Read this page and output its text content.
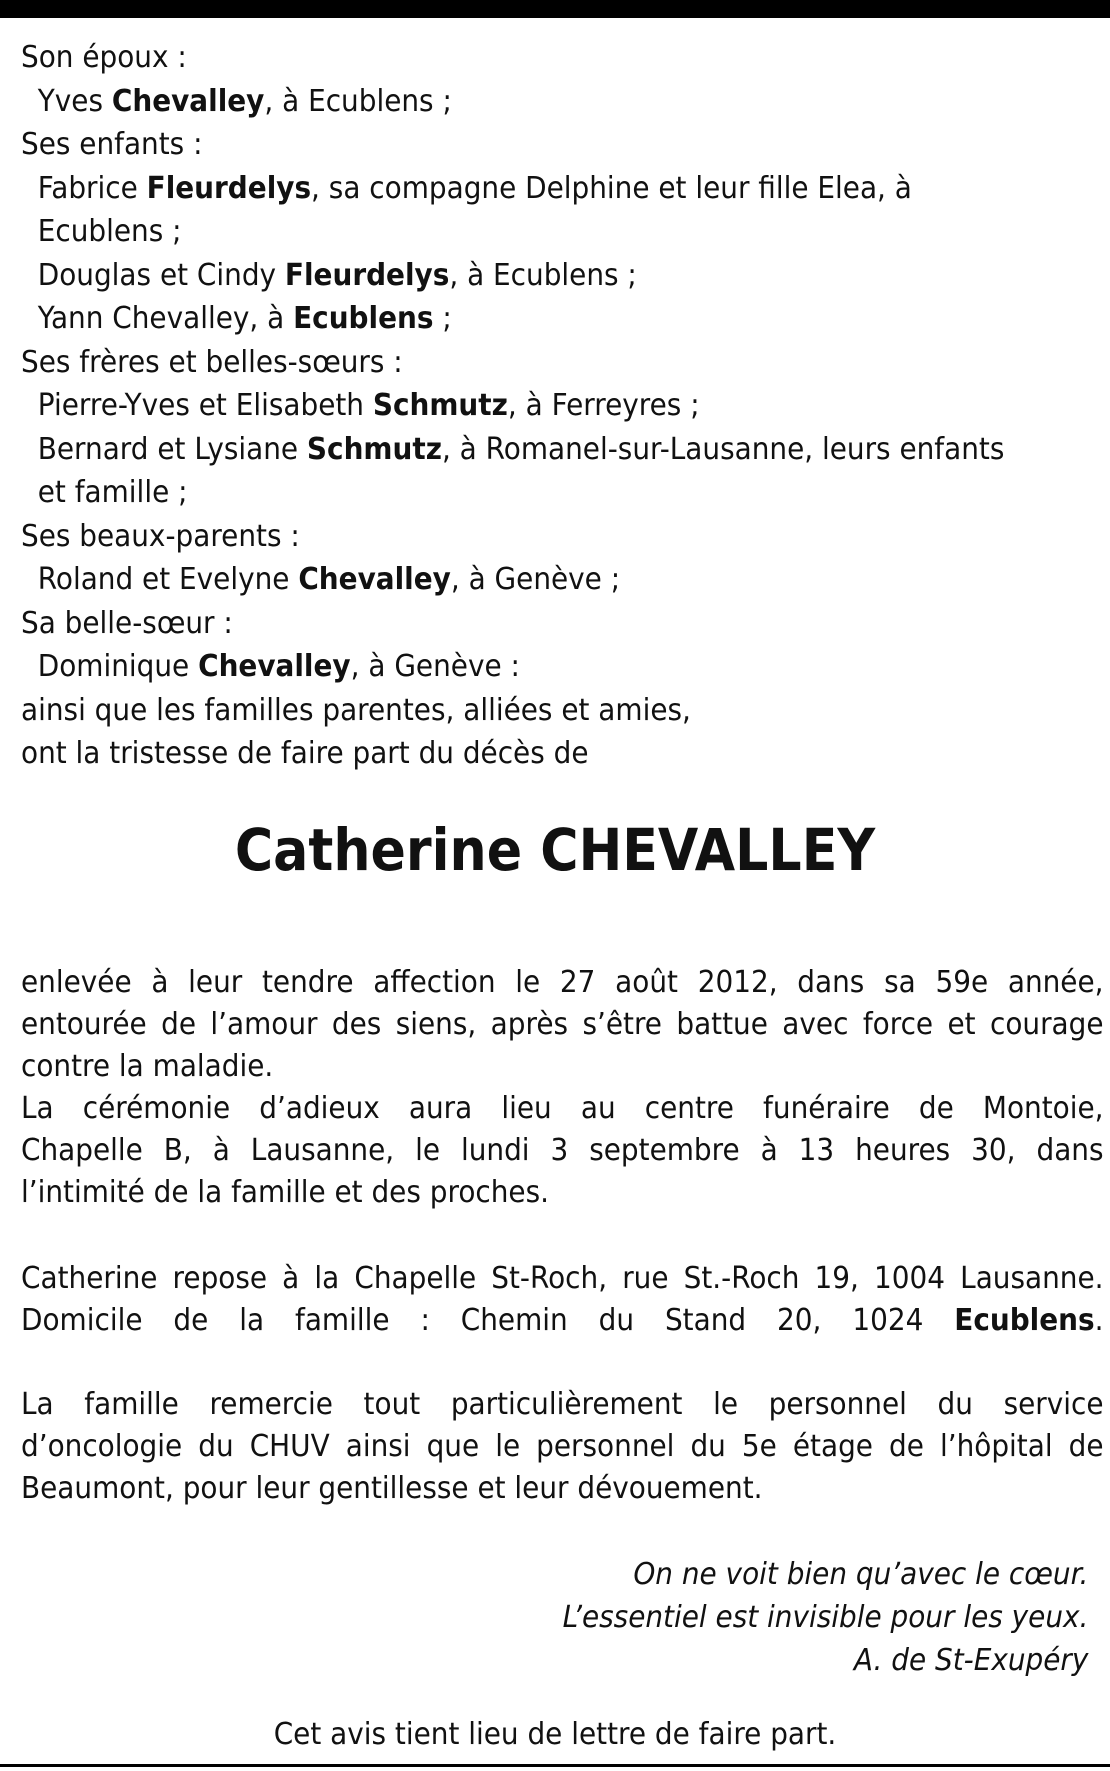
Son époux :
Yves Chevalley, à Ecublens ;
Ses enfants :
Fabrice Fleurdelys, sa compagne Delphine et leur fille Elea, à
Ecublens ;
Douglas et Cindy Fleurdelys, à Ecublens ;
Yann Chevalley, à Ecublens ;
Ses frères et belles-sœurs :
Pierre-Yves et Elisabeth Schmutz, à Ferreyres ;
Bernard et Lysiane Schmutz, à Romanel-sur-Lausanne, leurs enfants
et famille ;
Ses beaux-parents :
Roland et Evelyne Chevalley, à Genève ;
Sa belle-sœur :
Dominique Chevalley, à Genève :
ainsi que les familles parentes, alliées et amies,
ont la tristesse de faire part du décès de
Catherine CHEVALLEY
enlevée à leur tendre affection le 27 août 2012, dans sa 59e année,
entourée de l’amour des siens, après s’être battue avec force et courage
contre la maladie.
La cérémonie d’adieux aura lieu au centre funéraire de Montoie,
Chapelle B, à Lausanne, le lundi 3 septembre à 13 heures 30, dans
l’intimité de la famille et des proches.
Catherine repose à la Chapelle St-Roch, rue St.-Roch 19, 1004 Lausanne.
Domicile de la famille : Chemin du Stand 20, 1024 Ecublens.
La famille remercie tout particulièrement le personnel du service
d’oncologie du CHUV ainsi que le personnel du 5e étage de l’hôpital de
Beaumont, pour leur gentillesse et leur dévouement.
On ne voit bien qu’avec le cœur.
L’essentiel est invisible pour les yeux.
A. de St-Exupéry
Cet avis tient lieu de lettre de faire part.
